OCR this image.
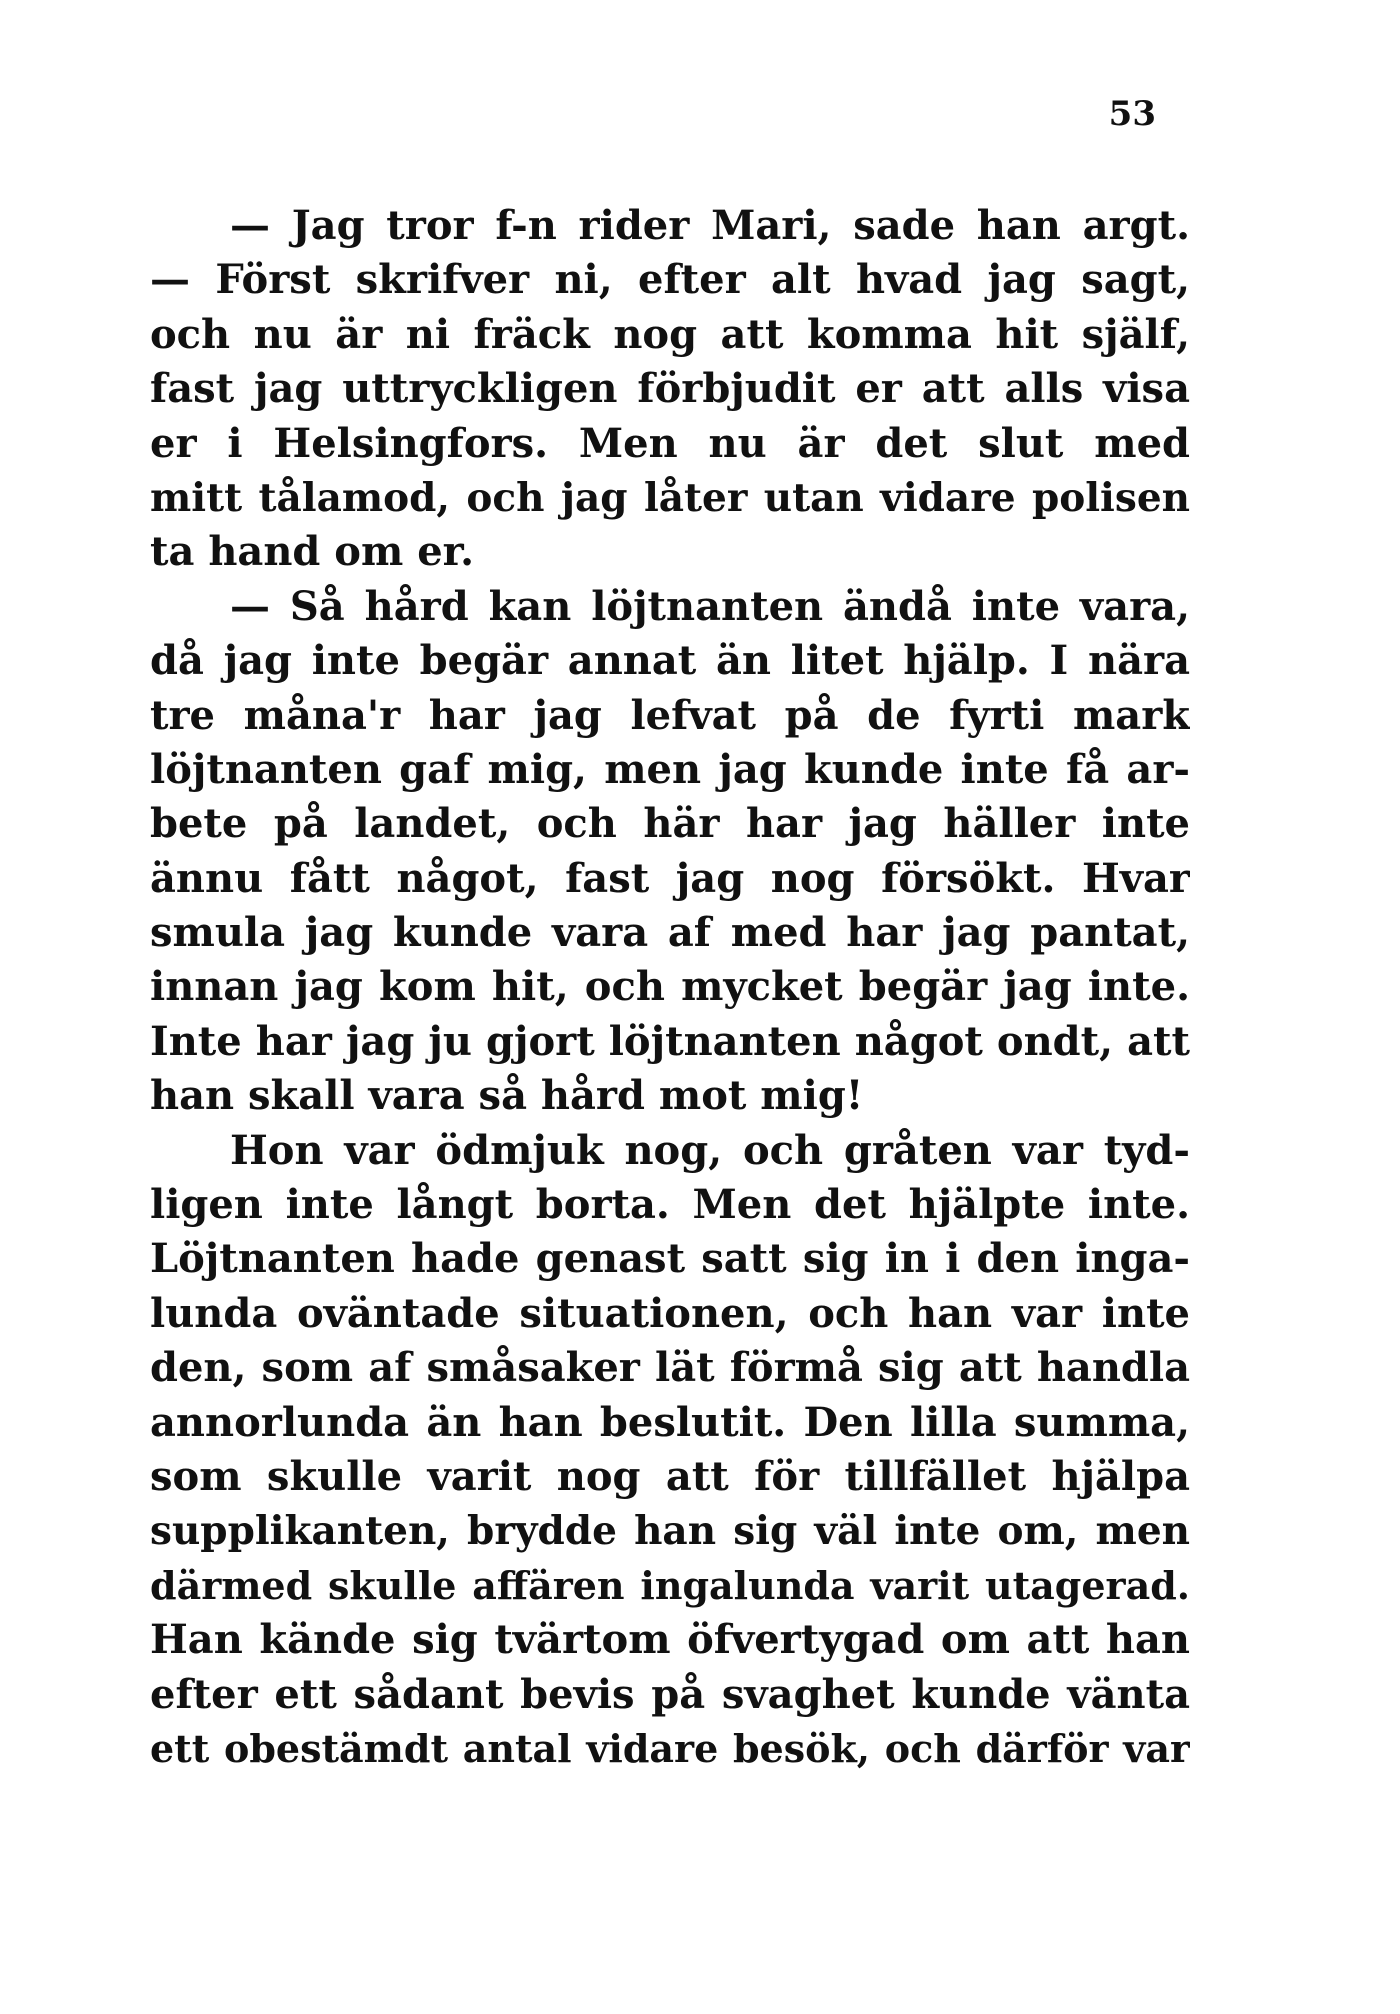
53
— Jag tror f-n rider Mari, sade han argt.
— Först skrifver ni, efter alt hvad jag sagt,
och nu är ni fräck nog att komma hit själf,
fast jag uttryckligen förbjudit er att alls visa
er i Helsingfors. Men nu är det slut med
mitt tålamod, och jag låter utan vidare polisen
ta hand om er.
— Så hård kan löjtnanten ändå inte vara,
då jag inte begär annat än litet hjälp. I nära
tre måna'r har jag lefvat på de fyrti mark
löjtnanten gaf mig, men jag kunde inte få ar-
bete på landet, och här har jag häller inte
ännu fått något, fast jag nog försökt. Hvar
smula jag kunde vara af med har jag pantat,
innan jag kom hit, och mycket begär jag inte.
Inte har jag ju gjort löjtnanten något ondt, att
han skall vara så hård mot mig!
Hon var ödmjuk nog, och gråten var tyd-
ligen inte långt borta. Men det hjälpte inte.
Löjtnanten hade genast satt sig in i den inga-
lunda oväntade situationen, och han var inte
den, som af småsaker lät förmå sig att handla
annorlunda än han beslutit. Den lilla summa,
som skulle varit nog att för tillfället hjälpa
supplikanten, brydde han sig väl inte om, men
därmed skulle affären ingalunda varit utagerad.
Han kände sig tvärtom öfvertygad om att han
efter ett sådant bevis på svaghet kunde vänta
ett obestämdt antal vidare besök, och därför var
